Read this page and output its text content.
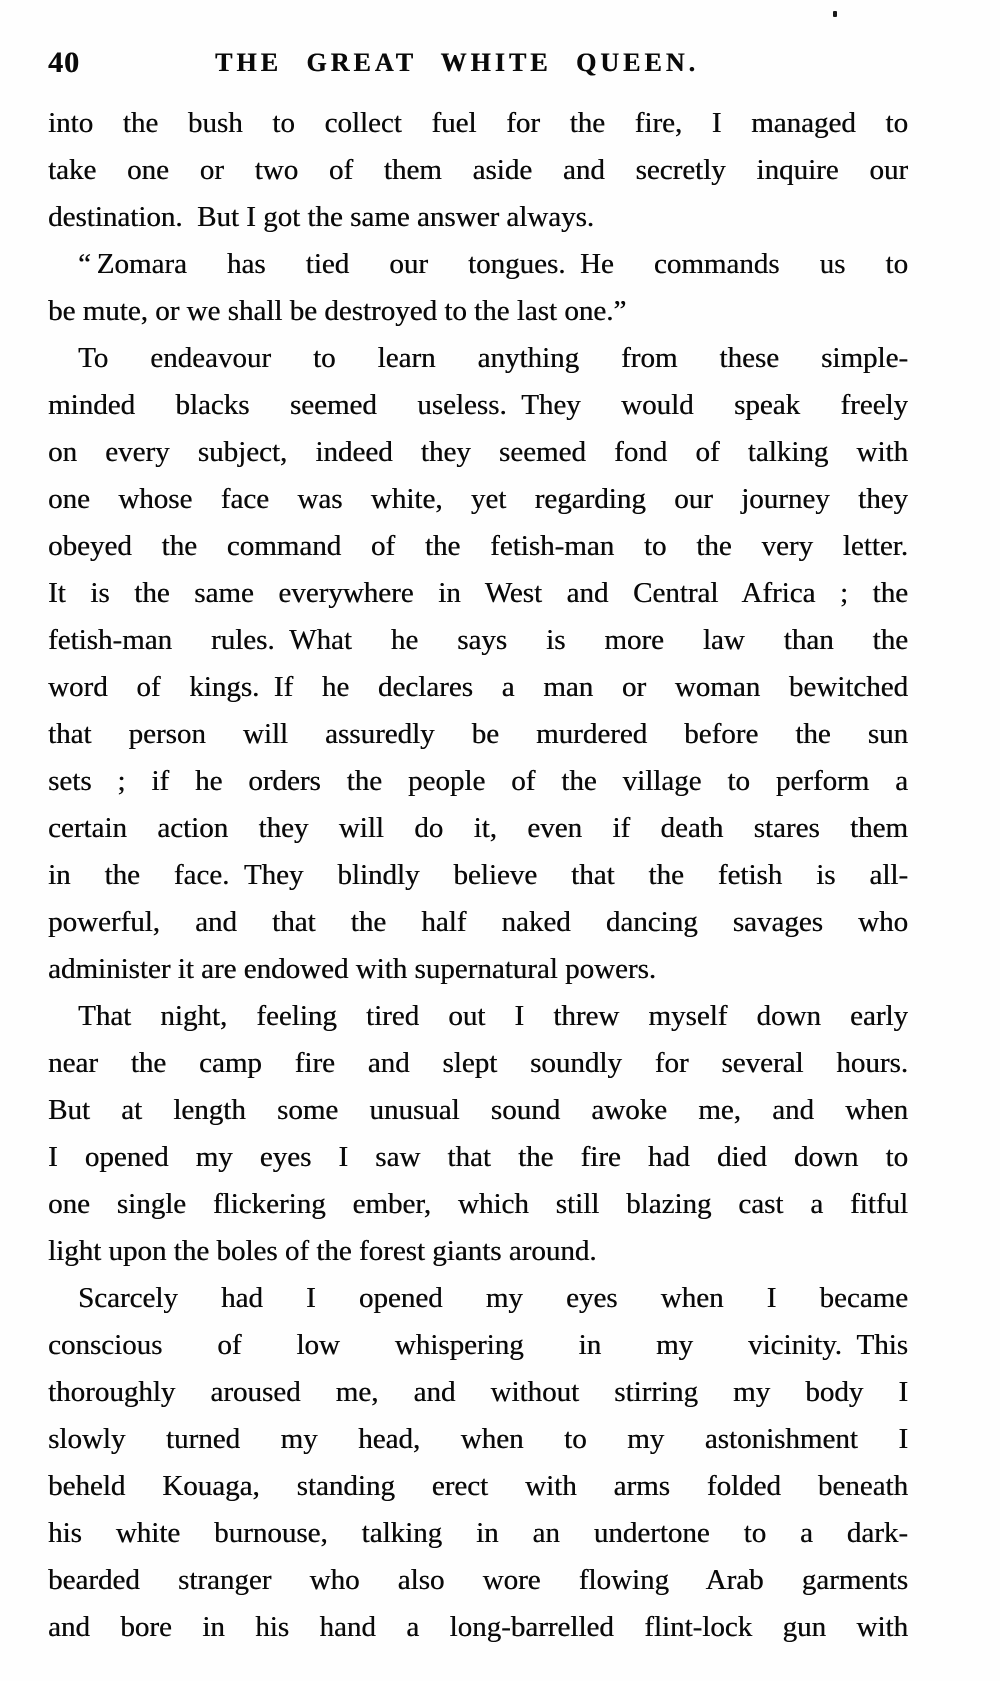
40	THE GREAT WHITE QUEEN.
into the bush to collect fuel for the fire, I managed to
take one or two of them aside and secretly inquire our
destination. But I got the same answer always.
“ Zomara has tied our tongues. He commands us to
be mute, or we shall be destroyed to the last one.”
To endeavour to learn anything from these simple-
minded blacks seemed useless. They would speak freely
on every subject, indeed they seemed fond of talking with
one whose face was white, yet regarding our journey they
obeyed the command of the fetish-man to the very letter.
It is the same everywhere in West and Central Africa ; the
fetish-man rules. What he says is more law than the
word of kings. If he declares a man or woman bewitched
that person will assuredly be murdered before the sun
sets ; if he orders the people of the village to perform a
certain action they will do it, even if death stares them
in the face. They blindly believe that the fetish is all-
powerful, and that the half naked dancing savages who
administer it are endowed with supernatural powers.
That night, feeling tired out I threw myself down early
near the camp fire and slept soundly for several hours.
But at length some unusual sound awoke me, and when
I opened my eyes I saw that the fire had died down to
one single flickering ember, which still blazing cast a fitful
light upon the boles of the forest giants around.
Scarcely had I opened my eyes when I became
conscious of low whispering in my vicinity. This
thoroughly aroused me, and without stirring my body I
slowly turned my head, when to my astonishment I
beheld Kouaga, standing erect with arms folded beneath
his white burnouse, talking in an undertone to a dark-
bearded stranger who also wore flowing Arab garments
and bore in his hand a long-barrelled flint-lock gun with
